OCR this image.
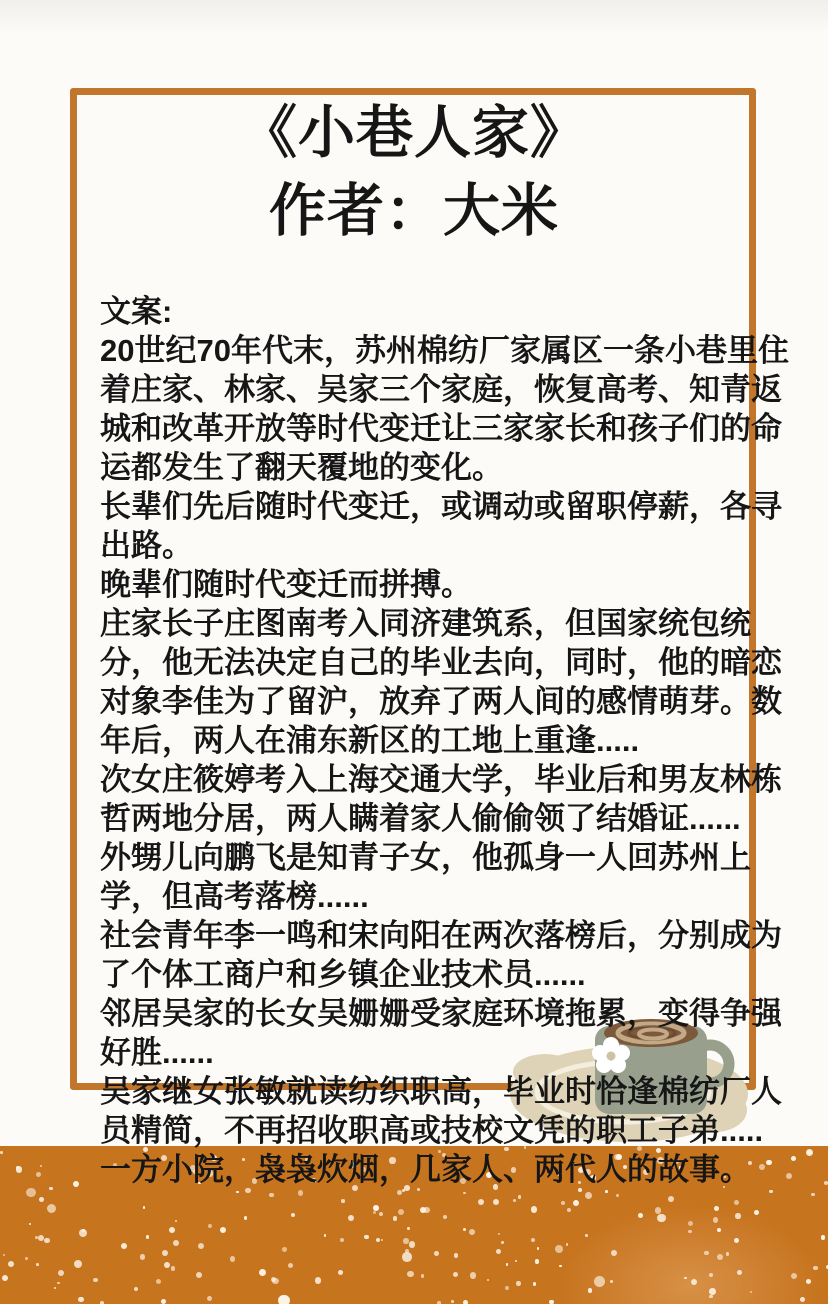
《小巷人家》
作者：大米
文案:
20世纪70年代末，苏州棉纺厂家属区一条小巷里住
着庄家、林家、吴家三个家庭，恢复高考、知青返
城和改革开放等时代变迁让三家家长和孩子们的命
运都发生了翻天覆地的变化。
长辈们先后随时代变迁，或调动或留职停薪，各寻
出路。
晚辈们随时代变迁而拼搏。
庄家长子庄图南考入同济建筑系，但国家统包统
分，他无法决定自己的毕业去向，同时，他的暗恋
对象李佳为了留沪，放弃了两人间的感情萌芽。数
年后，两人在浦东新区的工地上重逢.....
次女庄筱婷考入上海交通大学，毕业后和男友林栋
哲两地分居，两人瞒着家人偷偷领了结婚证......
外甥儿向鹏飞是知青子女，他孤身一人回苏州上
学，但高考落榜......
社会青年李一鸣和宋向阳在两次落榜后，分别成为
了个体工商户和乡镇企业技术员......
邻居吴家的长女吴姗姗受家庭环境拖累，变得争强
好胜......
吴家继女张敏就读纺织职高，毕业时恰逢棉纺厂人
员精简，不再招收职高或技校文凭的职工子弟.....
一方小院，袅袅炊烟，几家人、两代人的故事。
